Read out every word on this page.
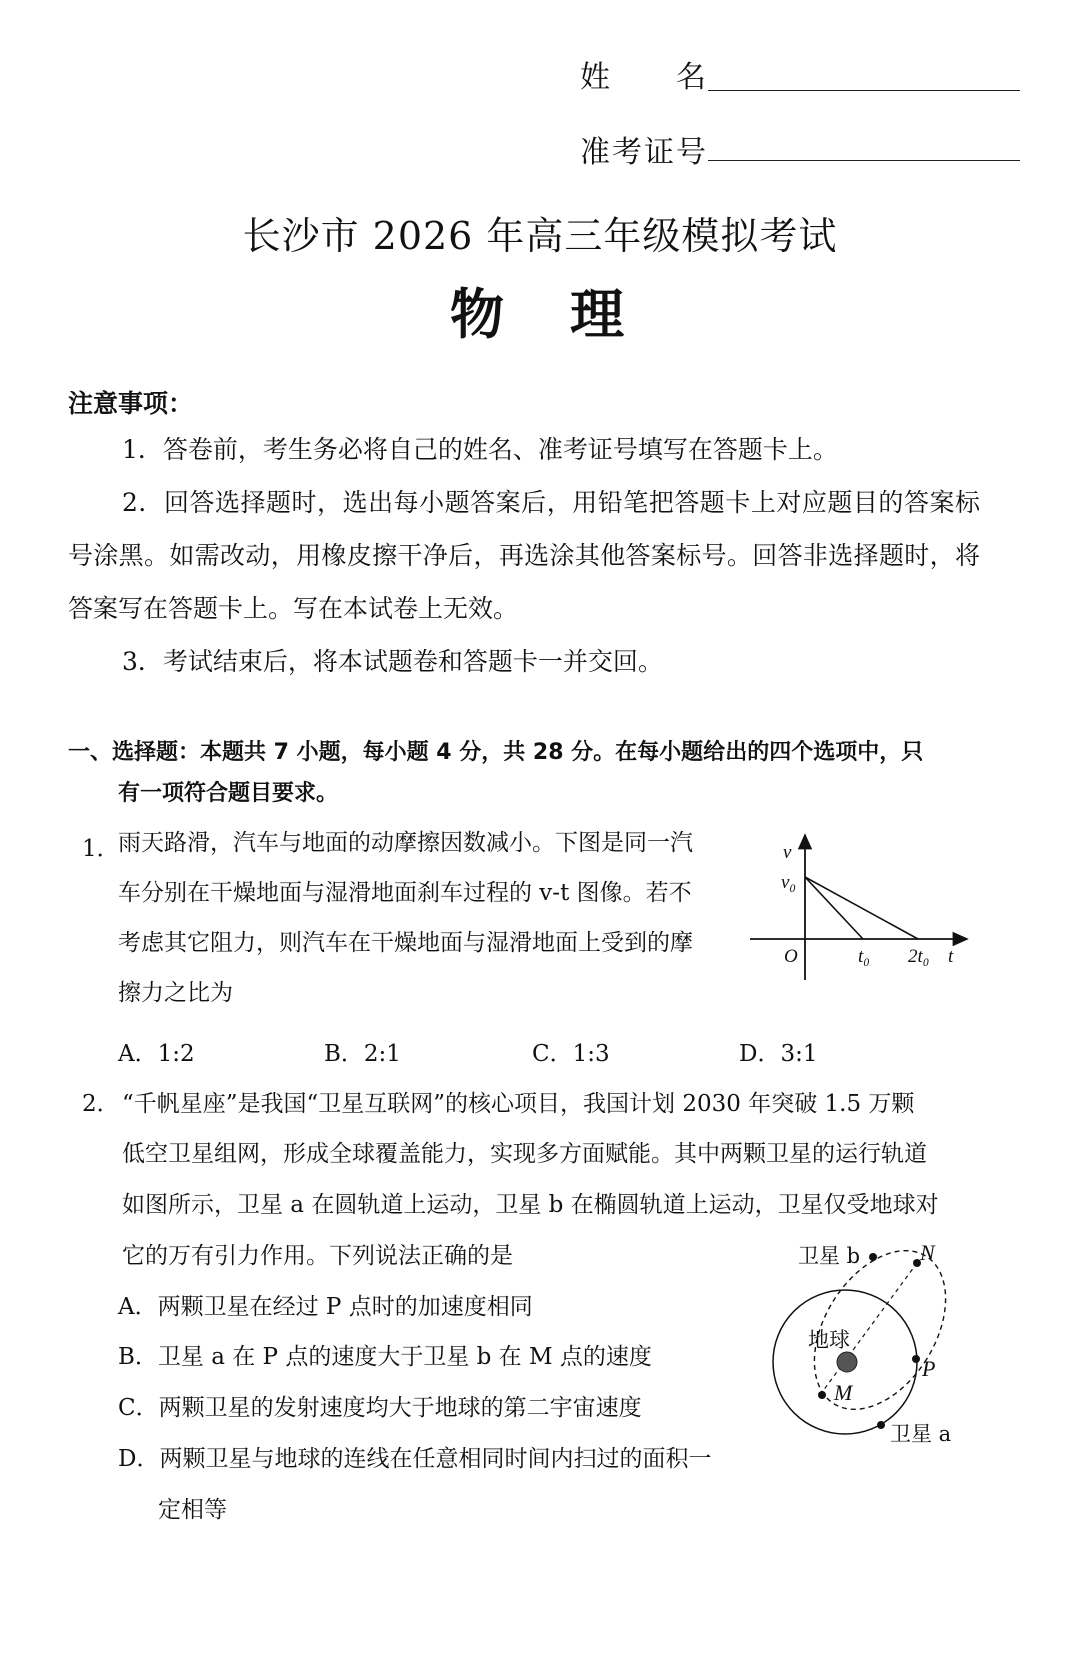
姓　　名
准考证号
长沙市 2026 年高三年级模拟考试
物 理
注意事项：
1．答卷前，考生务必将自己的姓名、准考证号填写在答题卡上。
2．回答选择题时，选出每小题答案后，用铅笔把答题卡上对应题目的答案标号涂黑。如需改动，用橡皮擦干净后，再选涂其他答案标号。回答非选择题时，将答案写在答题卡上。写在本试卷上无效。
3．考试结束后，将本试题卷和答题卡一并交回。
一、选择题：本题共 7 小题，每小题 4 分，共 28 分。在每小题给出的四个选项中，只
有一项符合题目要求。
1．
雨天路滑，汽车与地面的动摩擦因数减小。下图是同一汽
车分别在干燥地面与湿滑地面刹车过程的 v-t 图像。若不
考虑其它阻力，则汽车在干燥地面与湿滑地面上受到的摩
擦力之比为
v
v₀
O	t₀ 2t₀ t
A．1:2	B．2:1	C．1:3	D．3:1
2． “千帆星座”是我国“卫星互联网”的核心项目，我国计划 2030 年突破 1.5 万颗
低空卫星组网，形成全球覆盖能力，实现多方面赋能。其中两颗卫星的运行轨道
如图所示，卫星 a 在圆轨道上运动，卫星 b 在椭圆轨道上运动，卫星仅受地球对
它的万有引力作用。下列说法正确的是
A．两颗卫星在经过 P 点时的加速度相同
B．卫星 a 在 P 点的速度大于卫星 b 在 M 点的速度
C．两颗卫星的发射速度均大于地球的第二宇宙速度
D．两颗卫星与地球的连线在任意相同时间内扫过的面积一
定相等
卫星 b	N
地球
P
M
卫星 a
